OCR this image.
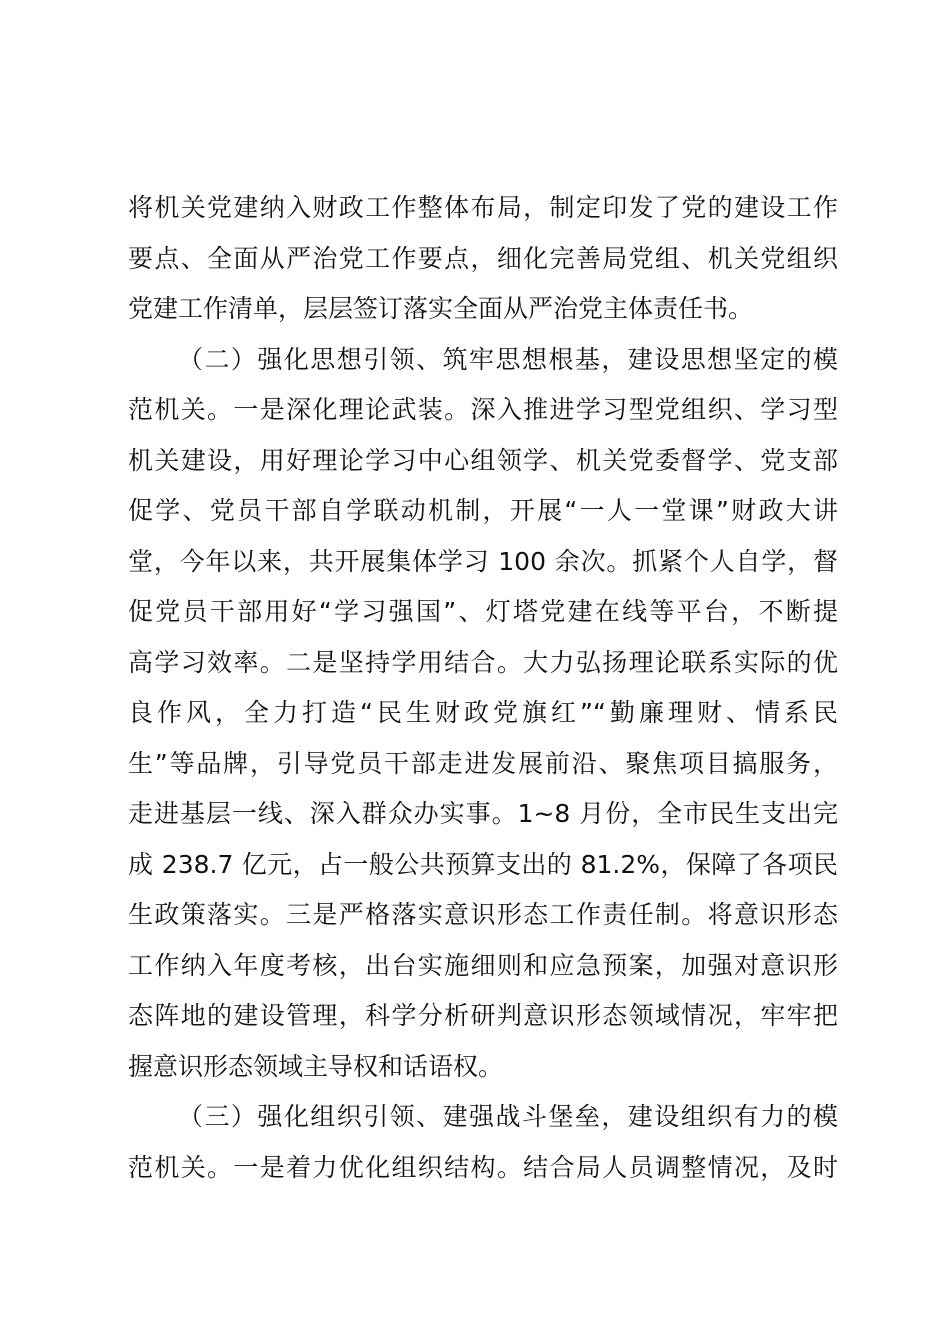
将机关党建纳入财政工作整体布局，制定印发了党的建设工作
要点、全面从严治党工作要点，细化完善局党组、机关党组织
党建工作清单，层层签订落实全面从严治党主体责任书。
（二）强化思想引领、筑牢思想根基，建设思想坚定的模
范机关。一是深化理论武装。深入推进学习型党组织、学习型
机关建设，用好理论学习中心组领学、机关党委督学、党支部
促学、党员干部自学联动机制，开展“一人一堂课”财政大讲
堂，今年以来，共开展集体学习 100 余次。抓紧个人自学，督
促党员干部用好“学习强国”、灯塔党建在线等平台，不断提
高学习效率。二是坚持学用结合。大力弘扬理论联系实际的优
良作风，全力打造“民生财政党旗红”“勤廉理财、情系民
生”等品牌，引导党员干部走进发展前沿、聚焦项目搞服务，
走进基层一线、深入群众办实事。1~8 月份，全市民生支出完
成 238.7 亿元，占一般公共预算支出的 81.2%，保障了各项民
生政策落实。三是严格落实意识形态工作责任制。将意识形态
工作纳入年度考核，出台实施细则和应急预案，加强对意识形
态阵地的建设管理，科学分析研判意识形态领域情况，牢牢把
握意识形态领域主导权和话语权。
（三）强化组织引领、建强战斗堡垒，建设组织有力的模
范机关。一是着力优化组织结构。结合局人员调整情况，及时
